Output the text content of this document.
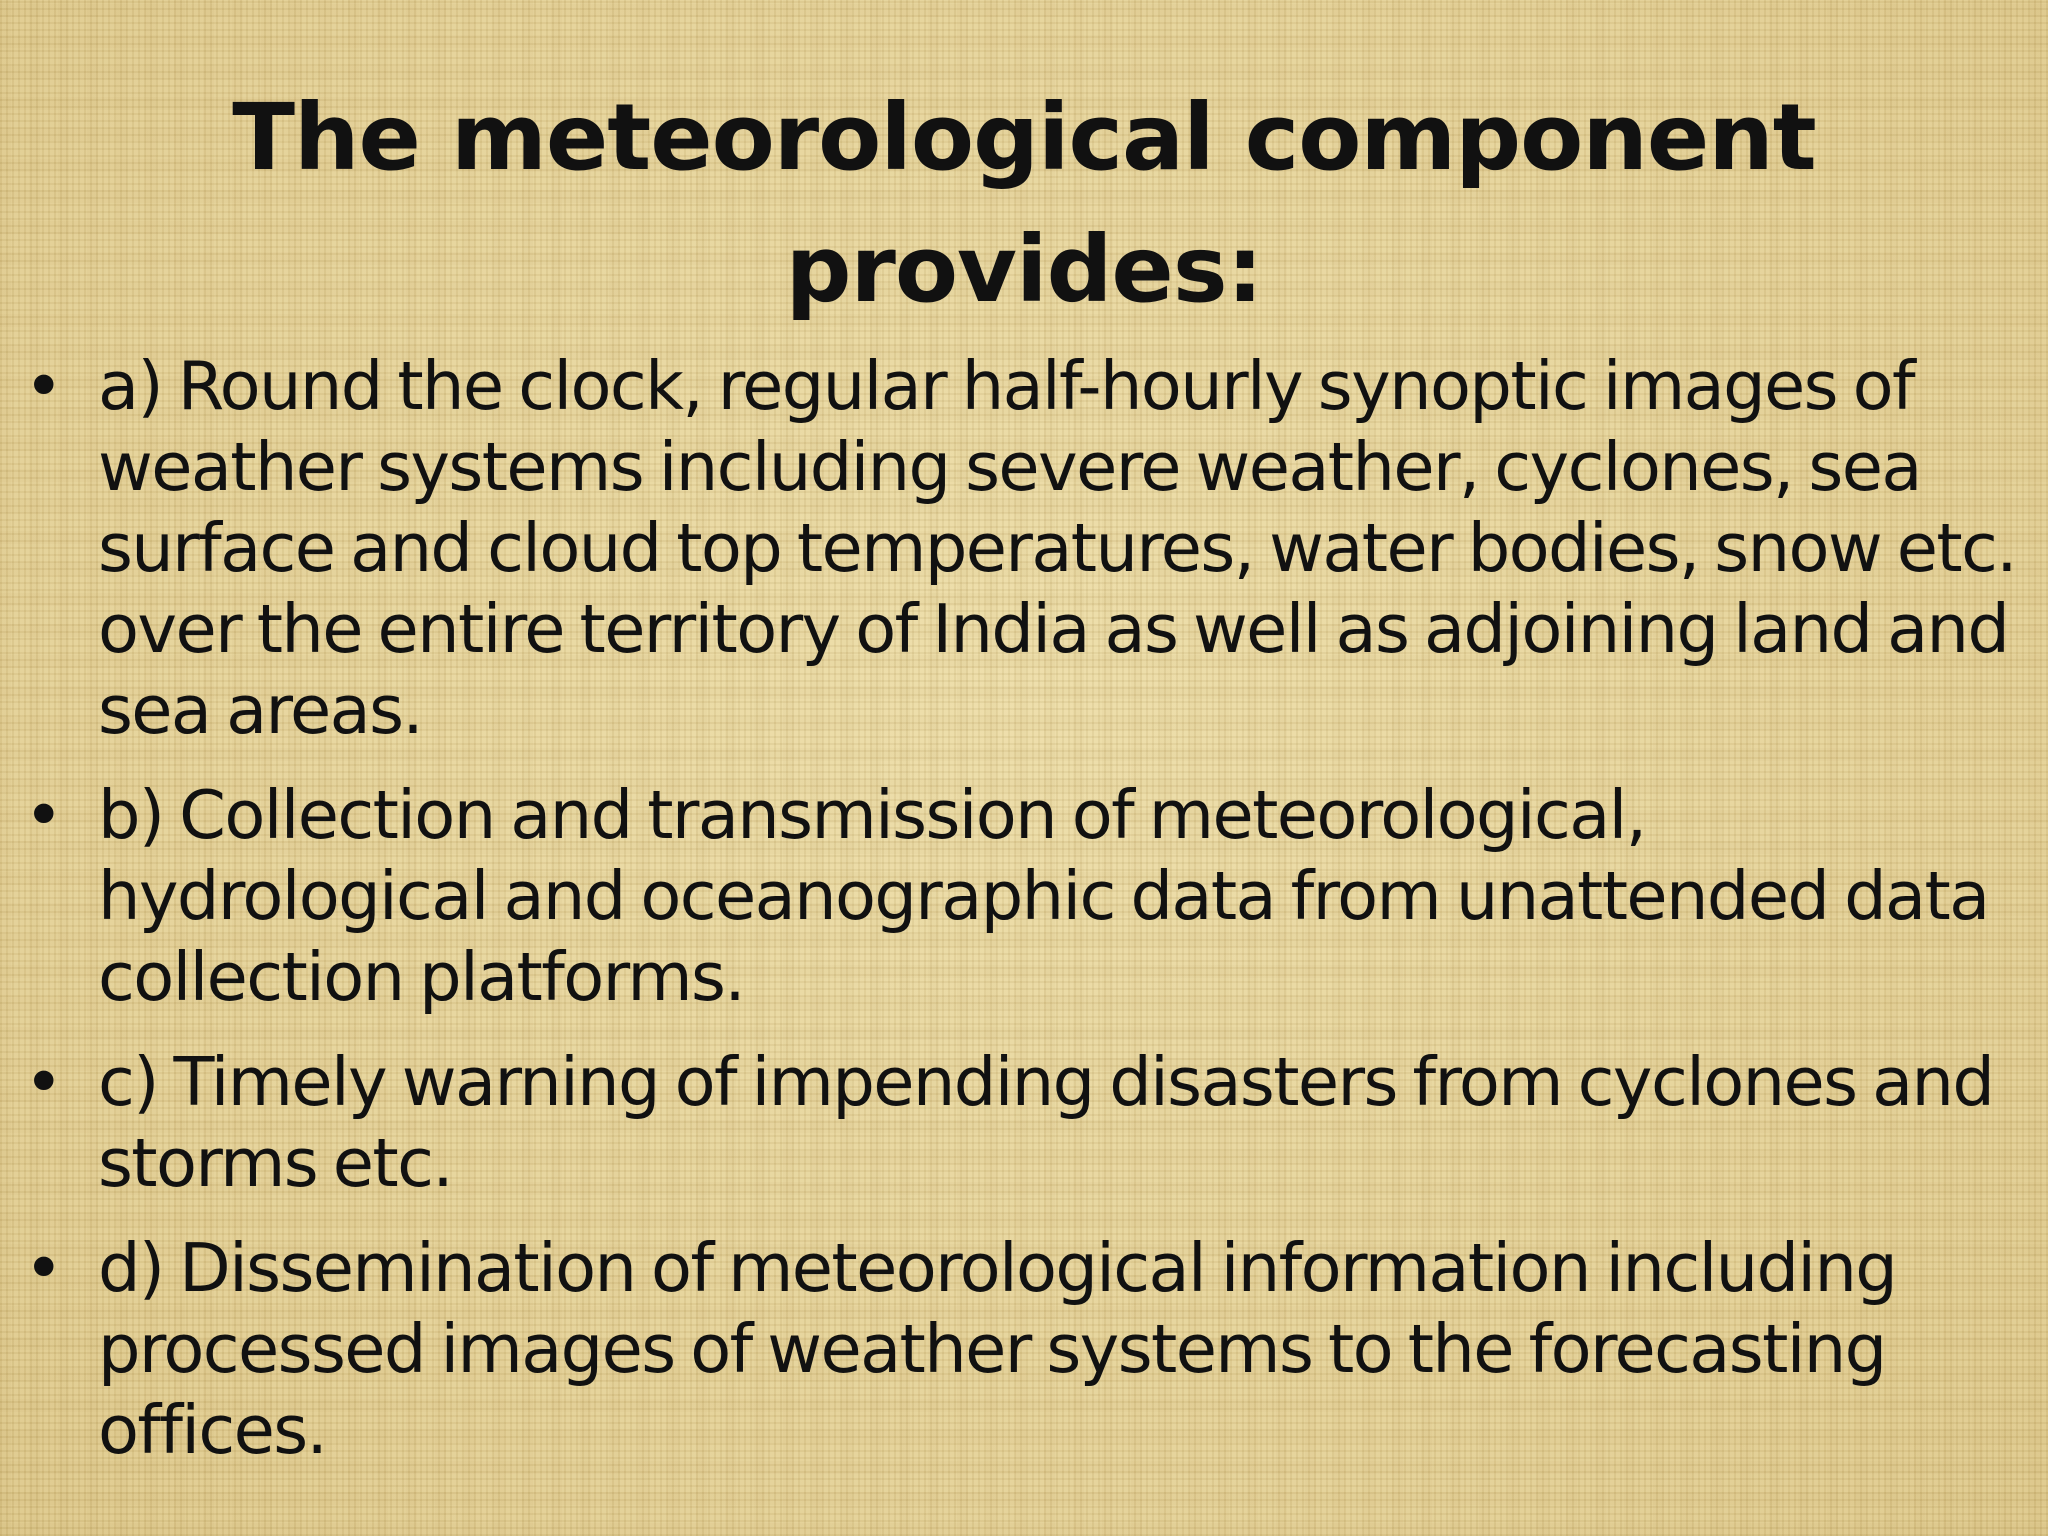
The meteorological component provides:
• a) Round the clock, regular half-hourly synoptic images of weather systems including severe weather, cyclones, sea surface and cloud top temperatures, water bodies, snow etc. over the entire territory of India as well as adjoining land and sea areas.
• b) Collection and transmission of meteorological, hydrological and oceanographic data from unattended data collection platforms.
• c) Timely warning of impending disasters from cyclones and storms etc.
• d) Dissemination of meteorological information including processed images of weather systems to the forecasting offices.
